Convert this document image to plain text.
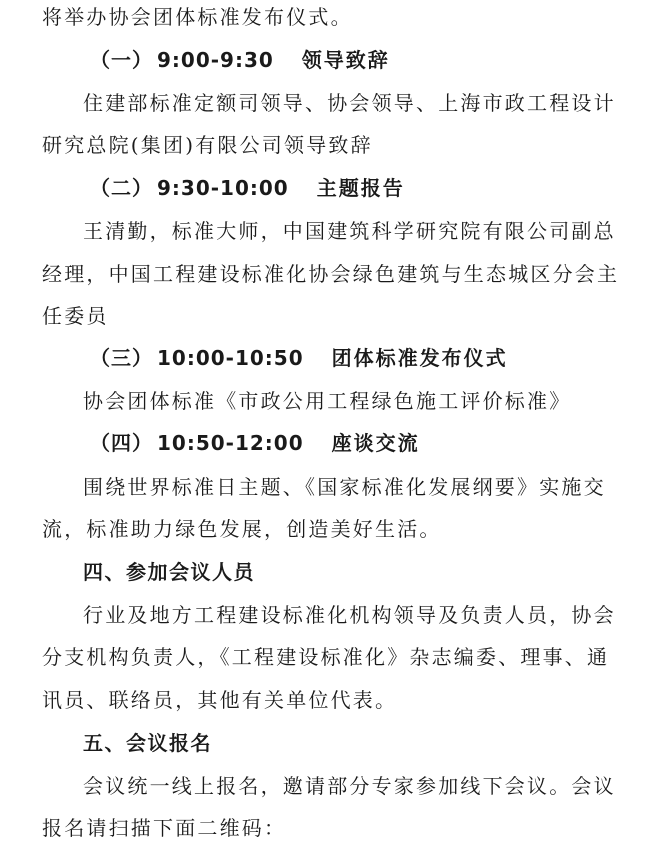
将举办协会团体标准发布仪式。
（一） 9:00-9:30 领导致辞
住建部标准定额司领导、协会领导、上海市政工程设计
研究总院(集团)有限公司领导致辞
（二） 9:30-10:00 主题报告
王清勤，标准大师，中国建筑科学研究院有限公司副总
经理，中国工程建设标准化协会绿色建筑与生态城区分会主
任委员
（三） 10:00-10:50 团体标准发布仪式
协会团体标准《市政公用工程绿色施工评价标准》
（四） 10:50-12:00 座谈交流
围绕世界标准日主题、《国家标准化发展纲要》实施交
流，标准助力绿色发展，创造美好生活。
四、参加会议人员
行业及地方工程建设标准化机构领导及负责人员，协会
分支机构负责人，《工程建设标准化》杂志编委、理事、通
讯员、联络员，其他有关单位代表。
五、会议报名
会议统一线上报名，邀请部分专家参加线下会议。会议
报名请扫描下面二维码：
